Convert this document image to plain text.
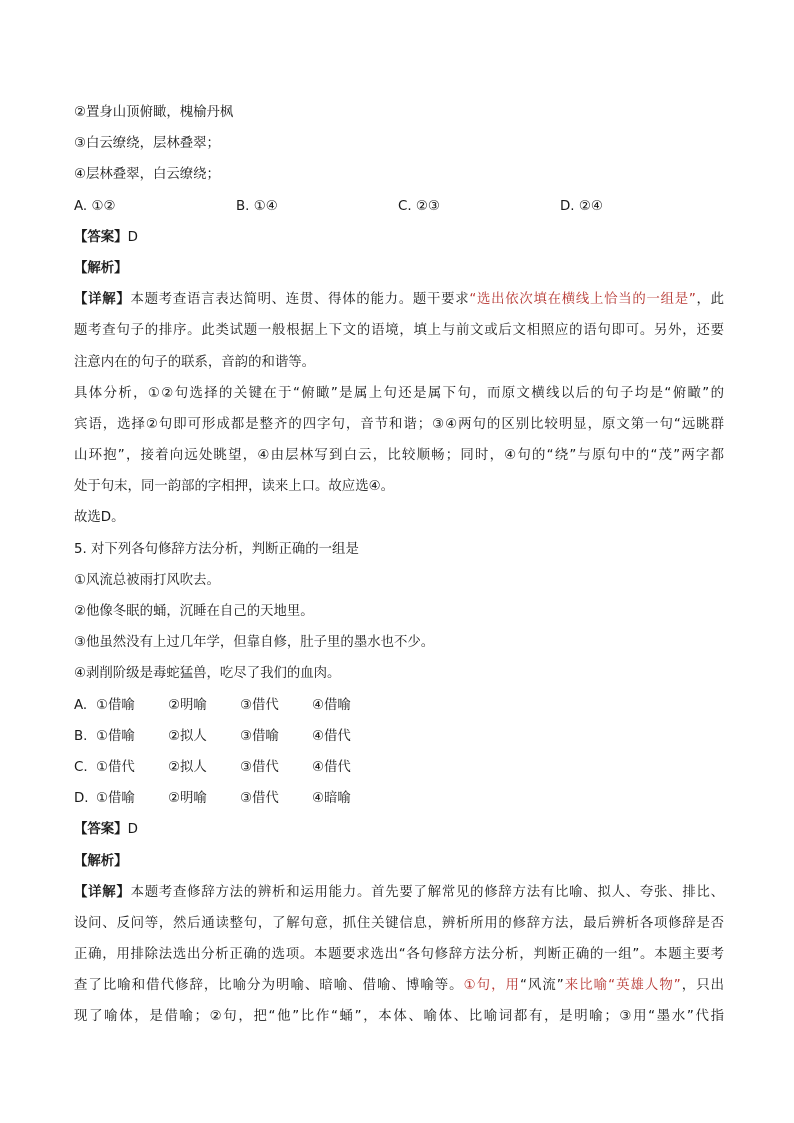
②置身山顶俯瞰，槐榆丹枫
③白云缭绕，层林叠翠；
④层林叠翠，白云缭绕；
A. ①②	B. ①④	C. ②③	D. ②④
【答案】D
【解析】
【详解】本题考查语言表达简明、连贯、得体的能力。题干要求“选出依次填在横线上恰当的一组是”，此
题考查句子的排序。此类试题一般根据上下文的语境，填上与前文或后文相照应的语句即可。另外，还要
注意内在的句子的联系，音韵的和谐等。
具体分析，①②句选择的关键在于“俯瞰”是属上句还是属下句，而原文横线以后的句子均是“俯瞰”的
宾语，选择②句即可形成都是整齐的四字句，音节和谐；③④两句的区别比较明显，原文第一句“远眺群
山环抱”，接着向远处眺望，④由层林写到白云，比较顺畅；同时，④句的“绕”与原句中的“茂”两字都
处于句末，同一韵部的字相押，读来上口。故应选④。
故选D。
5. 对下列各句修辞方法分析，判断正确的一组是
①风流总被雨打风吹去。
②他像冬眠的蛹，沉睡在自己的天地里。
③他虽然没有上过几年学，但靠自修，肚子里的墨水也不少。
④剥削阶级是毒蛇猛兽，吃尽了我们的血肉。
A. ①借喻	②明喻	③借代	④借喻
B. ①借喻	②拟人	③借喻	④借代
C. ①借代	②拟人	③借代	④借代
D. ①借喻	②明喻	③借代	④暗喻
【答案】D
【解析】
【详解】本题考查修辞方法的辨析和运用能力。首先要了解常见的修辞方法有比喻、拟人、夸张、排比、
设问、反问等，然后通读整句，了解句意，抓住关键信息，辨析所用的修辞方法，最后辨析各项修辞是否
正确，用排除法选出分析正确的选项。本题要求选出“各句修辞方法分析，判断正确的一组”。本题主要考
查了比喻和借代修辞，比喻分为明喻、暗喻、借喻、博喻等。①句，用“风流”来比喻“英雄人物”，只出
现了喻体，是借喻；②句，把“他”比作“蛹”，本体、喻体、比喻词都有，是明喻；③用“墨水”代指
